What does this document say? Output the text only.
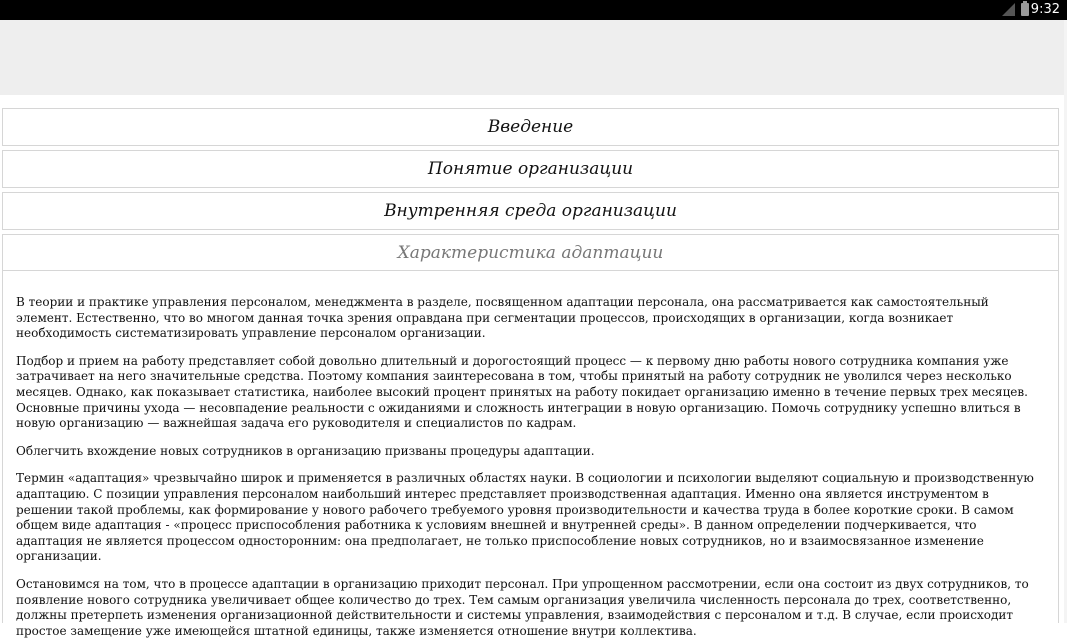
9:32
Введение
Понятие организации
Внутренняя среда организации
Характеристика адаптации

В теории и практике управления персоналом, менеджмента в разделе, посвященном адаптации персонала, она рассматривается как самостоятельный элемент. Естественно, что во многом данная точка зрения оправдана при сегментации процессов, происходящих в организации, когда возникает необходимость систематизировать управление персоналом организации.

Подбор и прием на работу представляет собой довольно длительный и дорогостоящий процесс — к первому дню работы нового сотрудника компания уже затрачивает на него значительные средства. Поэтому компания заинтересована в том, чтобы принятый на работу сотрудник не уволился через несколько месяцев. Однако, как показывает статистика, наиболее высокий процент принятых на работу покидает организацию именно в течение первых трех месяцев. Основные причины ухода — несовпадение реальности с ожиданиями и сложность интеграции в новую организацию. Помочь сотруднику успешно влиться в новую организацию — важнейшая задача его руководителя и специалистов по кадрам.

Облегчить вхождение новых сотрудников в организацию призваны процедуры адаптации.

Термин «адаптация» чрезвычайно широк и применяется в различных областях науки. В социологии и психологии выделяют социальную и производственную адаптацию. С позиции управления персоналом наибольший интерес представляет производственная адаптация. Именно она является инструментом в решении такой проблемы, как формирование у нового рабочего требуемого уровня производительности и качества труда в более короткие сроки. В самом общем виде адаптация - «процесс приспособления работника к условиям внешней и внутренней среды». В данном определении подчеркивается, что адаптация не является процессом односторонним: она предполагает, не только приспособление новых сотрудников, но и взаимосвязанное изменение организации.

Остановимся на том, что в процессе адаптации в организацию приходит персонал. При упрощенном рассмотрении, если она состоит из двух сотрудников, то появление нового сотрудника увеличивает общее количество до трех. Тем самым организация увеличила численность персонала до трех, соответственно, должны претерпеть изменения организационной действительности и системы управления, взаимодействия с персоналом и т.д. В случае, если происходит простое замещение уже имеющейся штатной единицы, также изменяется отношение внутри коллектива.
